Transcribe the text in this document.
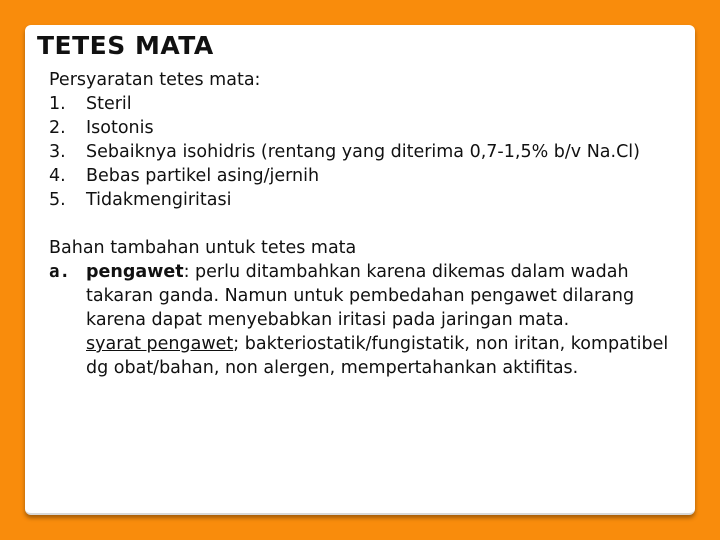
TETES MATA

Persyaratan tetes mata:

1.	Steril
2.	Isotonis
3.	Sebaiknya isohidris (rentang yang diterima 0,7-1,5% b/v Na.Cl)
4.	Bebas partikel asing/jernih
5.	Tidakmengiritasi

Bahan tambahan untuk tetes mata

a. pengawet: perlu ditambahkan karena dikemas dalam wadah takaran ganda. Namun untuk pembedahan pengawet dilarang karena dapat menyebabkan iritasi pada jaringan mata.
syarat pengawet; bakteriostatik/fungistatik, non iritan, kompatibel dg obat/bahan, non alergen, mempertahankan aktifitas.
